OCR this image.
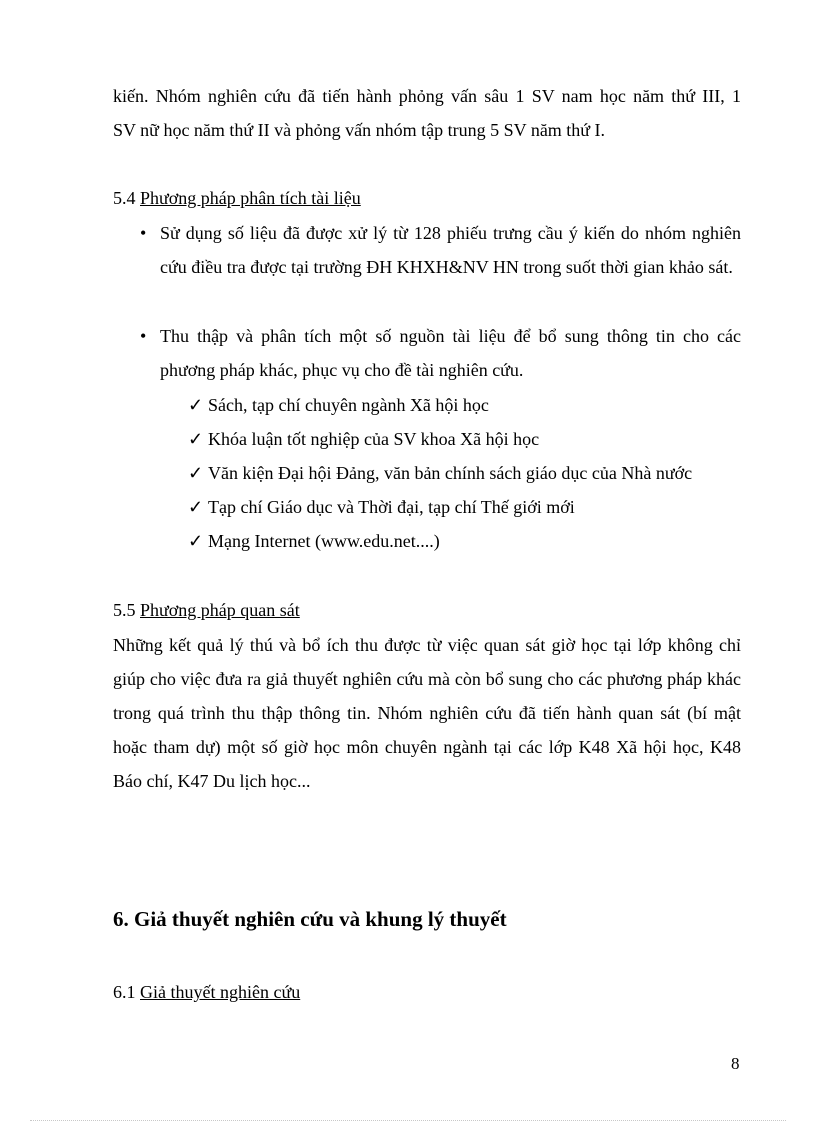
kiến. Nhóm nghiên cứu đã tiến hành phỏng vấn sâu 1 SV nam học năm thứ III, 1
SV nữ học năm thứ II và phỏng vấn nhóm tập trung 5 SV năm thứ I.

5.4 Phương pháp phân tích tài liệu

• Sử dụng số liệu đã được xử lý từ 128 phiếu trưng cầu ý kiến do nhóm nghiên cứu điều tra được tại trường ĐH KHXH&NV HN trong suốt thời gian khảo sát.
• Thu thập và phân tích một số nguồn tài liệu để bổ sung thông tin cho các phương pháp khác, phục vụ cho đề tài nghiên cứu.

✓ Sách, tạp chí chuyên ngành Xã hội học

✓ Khóa luận tốt nghiệp của SV khoa Xã hội học

✓ Văn kiện Đại hội Đảng, văn bản chính sách giáo dục của Nhà nước

✓ Tạp chí Giáo dục và Thời đại, tạp chí Thế giới mới

✓ Mạng Internet (www.edu.net....)

5.5 Phương pháp quan sát

Những kết quả lý thú và bổ ích thu được từ việc quan sát giờ học tại lớp không chỉ giúp cho việc đưa ra giả thuyết nghiên cứu mà còn bổ sung cho các phương pháp khác trong quá trình thu thập thông tin. Nhóm nghiên cứu đã tiến hành quan sát (bí mật hoặc tham dự) một số giờ học môn chuyên ngành tại các lớp K48 Xã hội học, K48 Báo chí, K47 Du lịch học...

6. Giả thuyết nghiên cứu và khung lý thuyết

6.1 Giả thuyết nghiên cứu

8
